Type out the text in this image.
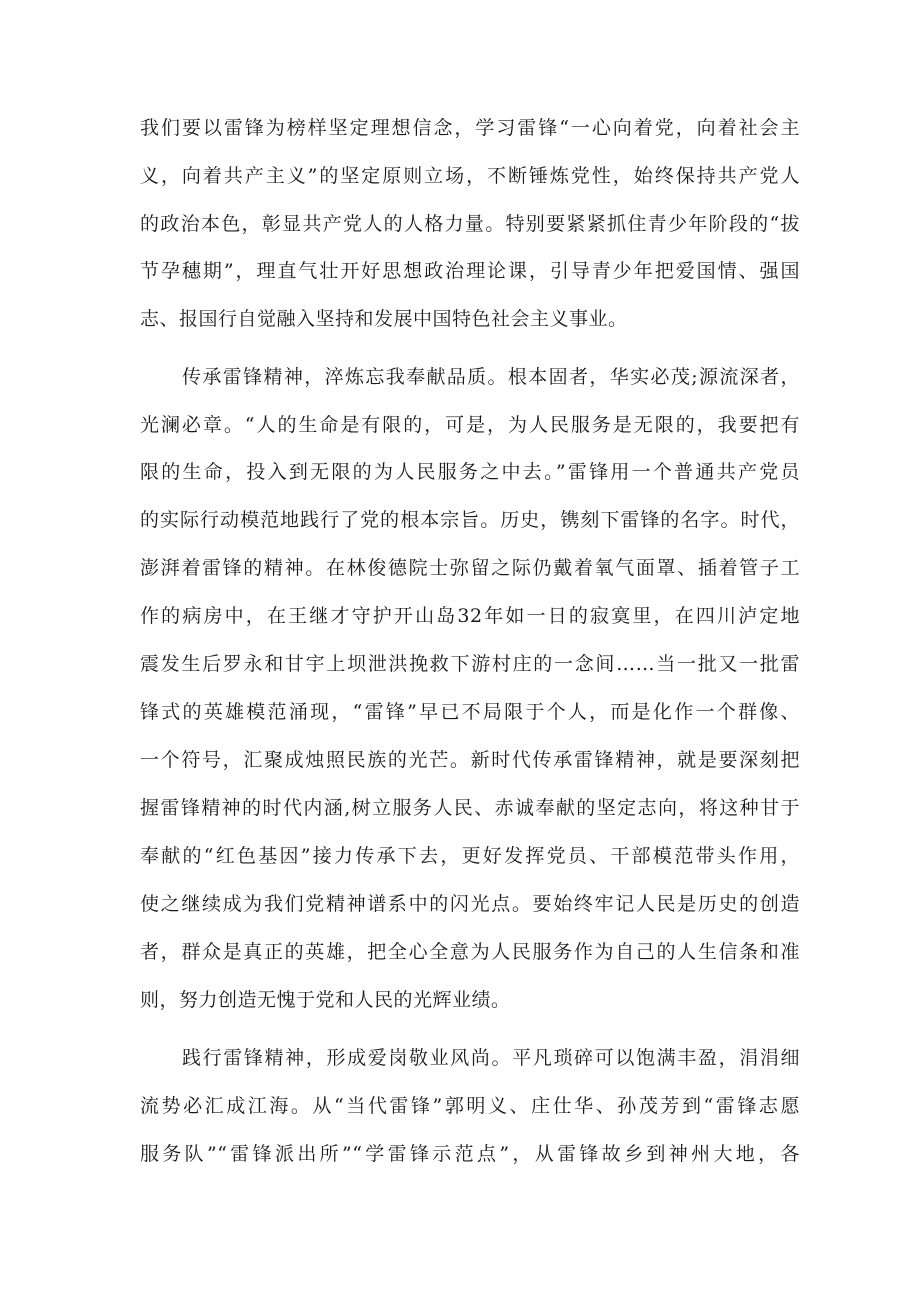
我们要以雷锋为榜样坚定理想信念，学习雷锋“一心向着党，向着社会主
义，向着共产主义”的坚定原则立场，不断锤炼党性，始终保持共产党人
的政治本色，彰显共产党人的人格力量。特别要紧紧抓住青少年阶段的“拔
节孕穗期”，理直气壮开好思想政治理论课，引导青少年把爱国情、强国
志、报国行自觉融入坚持和发展中国特色社会主义事业。
传承雷锋精神，淬炼忘我奉献品质。根本固者，华实必茂;源流深者，
光澜必章。“人的生命是有限的，可是，为人民服务是无限的，我要把有
限的生命，投入到无限的为人民服务之中去。”雷锋用一个普通共产党员
的实际行动模范地践行了党的根本宗旨。历史，镌刻下雷锋的名字。时代，
澎湃着雷锋的精神。在林俊德院士弥留之际仍戴着氧气面罩、插着管子工
作的病房中，在王继才守护开山岛32年如一日的寂寞里，在四川泸定地
震发生后罗永和甘宇上坝泄洪挽救下游村庄的一念间……当一批又一批雷
锋式的英雄模范涌现，“雷锋”早已不局限于个人，而是化作一个群像、
一个符号，汇聚成烛照民族的光芒。新时代传承雷锋精神，就是要深刻把
握雷锋精神的时代内涵,树立服务人民、赤诚奉献的坚定志向，将这种甘于
奉献的“红色基因”接力传承下去，更好发挥党员、干部模范带头作用，
使之继续成为我们党精神谱系中的闪光点。要始终牢记人民是历史的创造
者，群众是真正的英雄，把全心全意为人民服务作为自己的人生信条和准
则，努力创造无愧于党和人民的光辉业绩。
践行雷锋精神，形成爱岗敬业风尚。平凡琐碎可以饱满丰盈，涓涓细
流势必汇成江海。从“当代雷锋”郭明义、庄仕华、孙茂芳到“雷锋志愿
服务队”“雷锋派出所”“学雷锋示范点”，从雷锋故乡到神州大地，各
